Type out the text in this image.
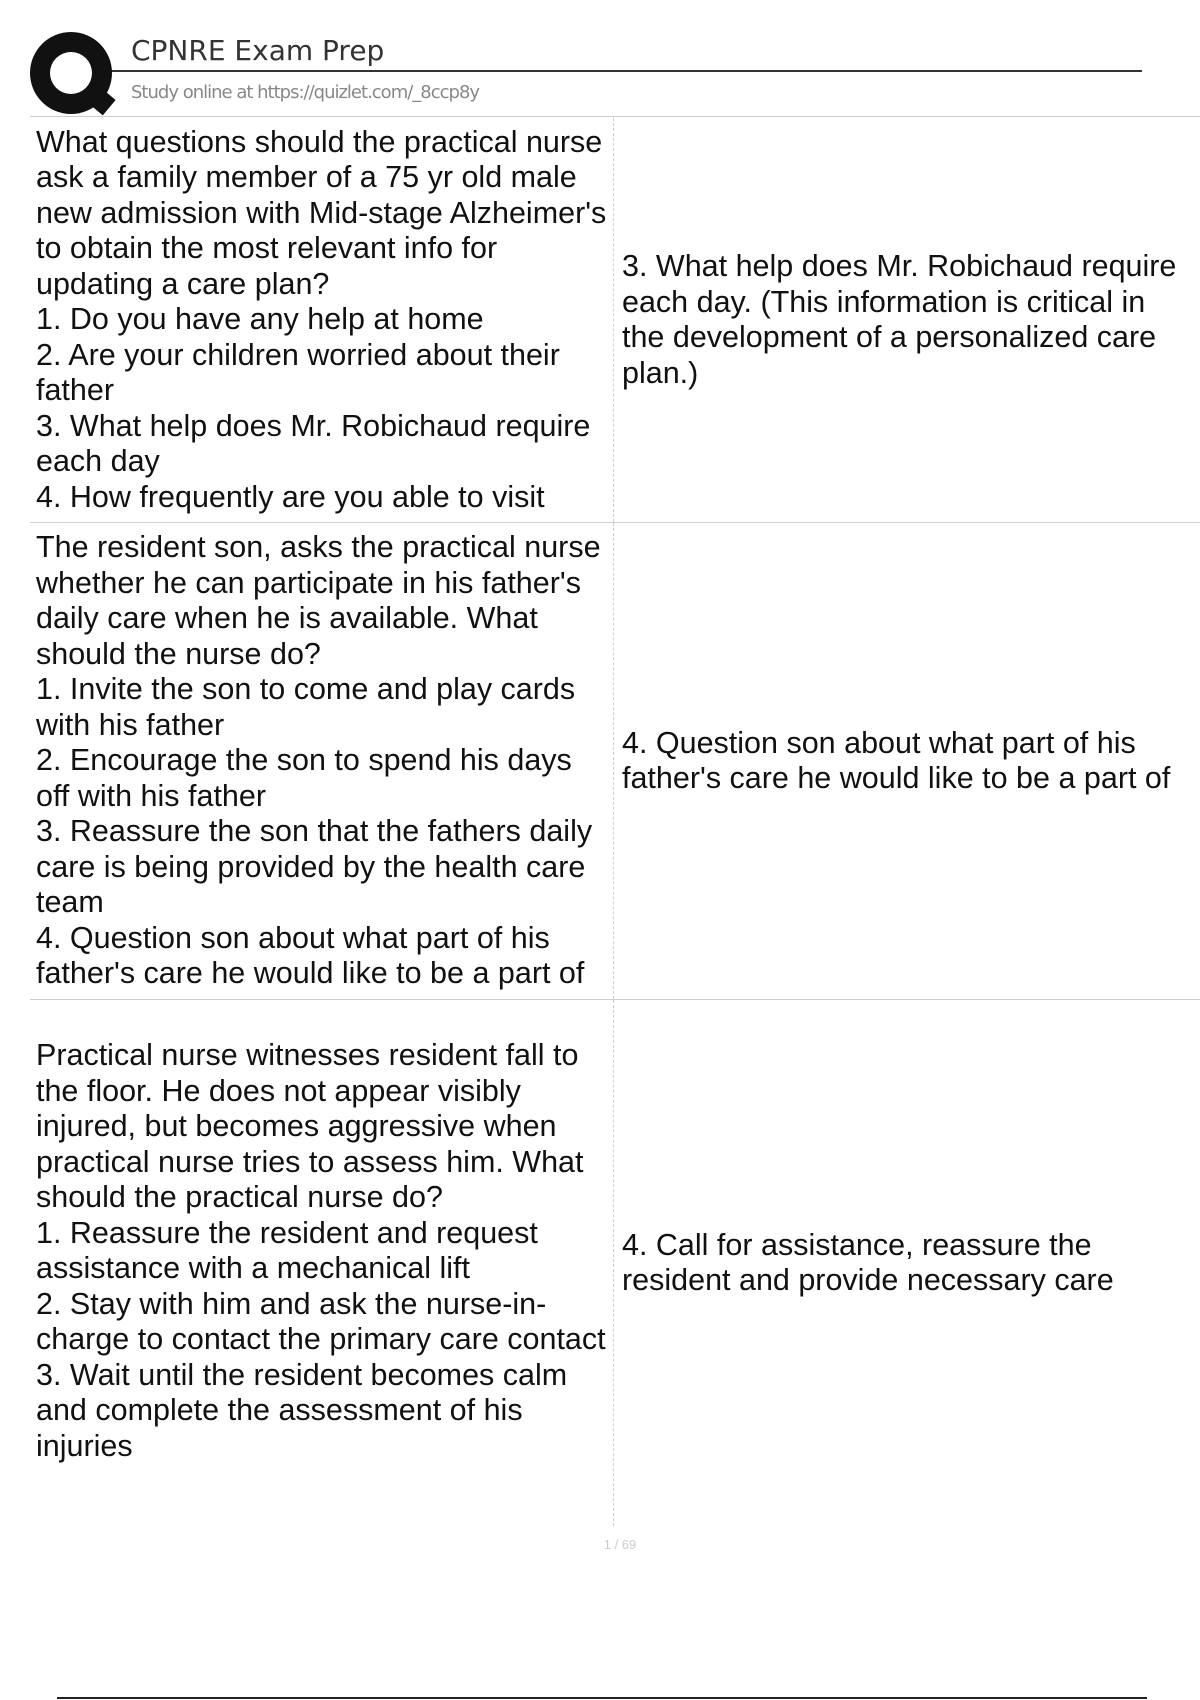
CPNRE Exam Prep
Study online at https://quizlet.com/_8ccp8y
What questions should the practical nurse ask a family member of a 75 yr old male new admission with Mid-stage Alzheimer's to obtain the most relevant info for updating a care plan?
1. Do you have any help at home
2. Are your children worried about their father
3. What help does Mr. Robichaud require each day
4. How frequently are you able to visit
3. What help does Mr. Robichaud require each day. (This information is critical in the development of a personalized care plan.)
The resident son, asks the practical nurse whether he can participate in his father's daily care when he is available. What should the nurse do?
1. Invite the son to come and play cards with his father
2. Encourage the son to spend his days off with his father
3. Reassure the son that the fathers daily care is being provided by the health care team
4. Question son about what part of his father's care he would like to be a part of
4. Question son about what part of his father's care he would like to be a part of
Practical nurse witnesses resident fall to the floor. He does not appear visibly injured, but becomes aggressive when practical nurse tries to assess him. What should the practical nurse do?
1. Reassure the resident and request assistance with a mechanical lift
2. Stay with him and ask the nurse-in-charge to contact the primary care contact
3. Wait until the resident becomes calm and complete the assessment of his injuries
4. Call for assistance, reassure the resident and provide necessary care
1 / 69
